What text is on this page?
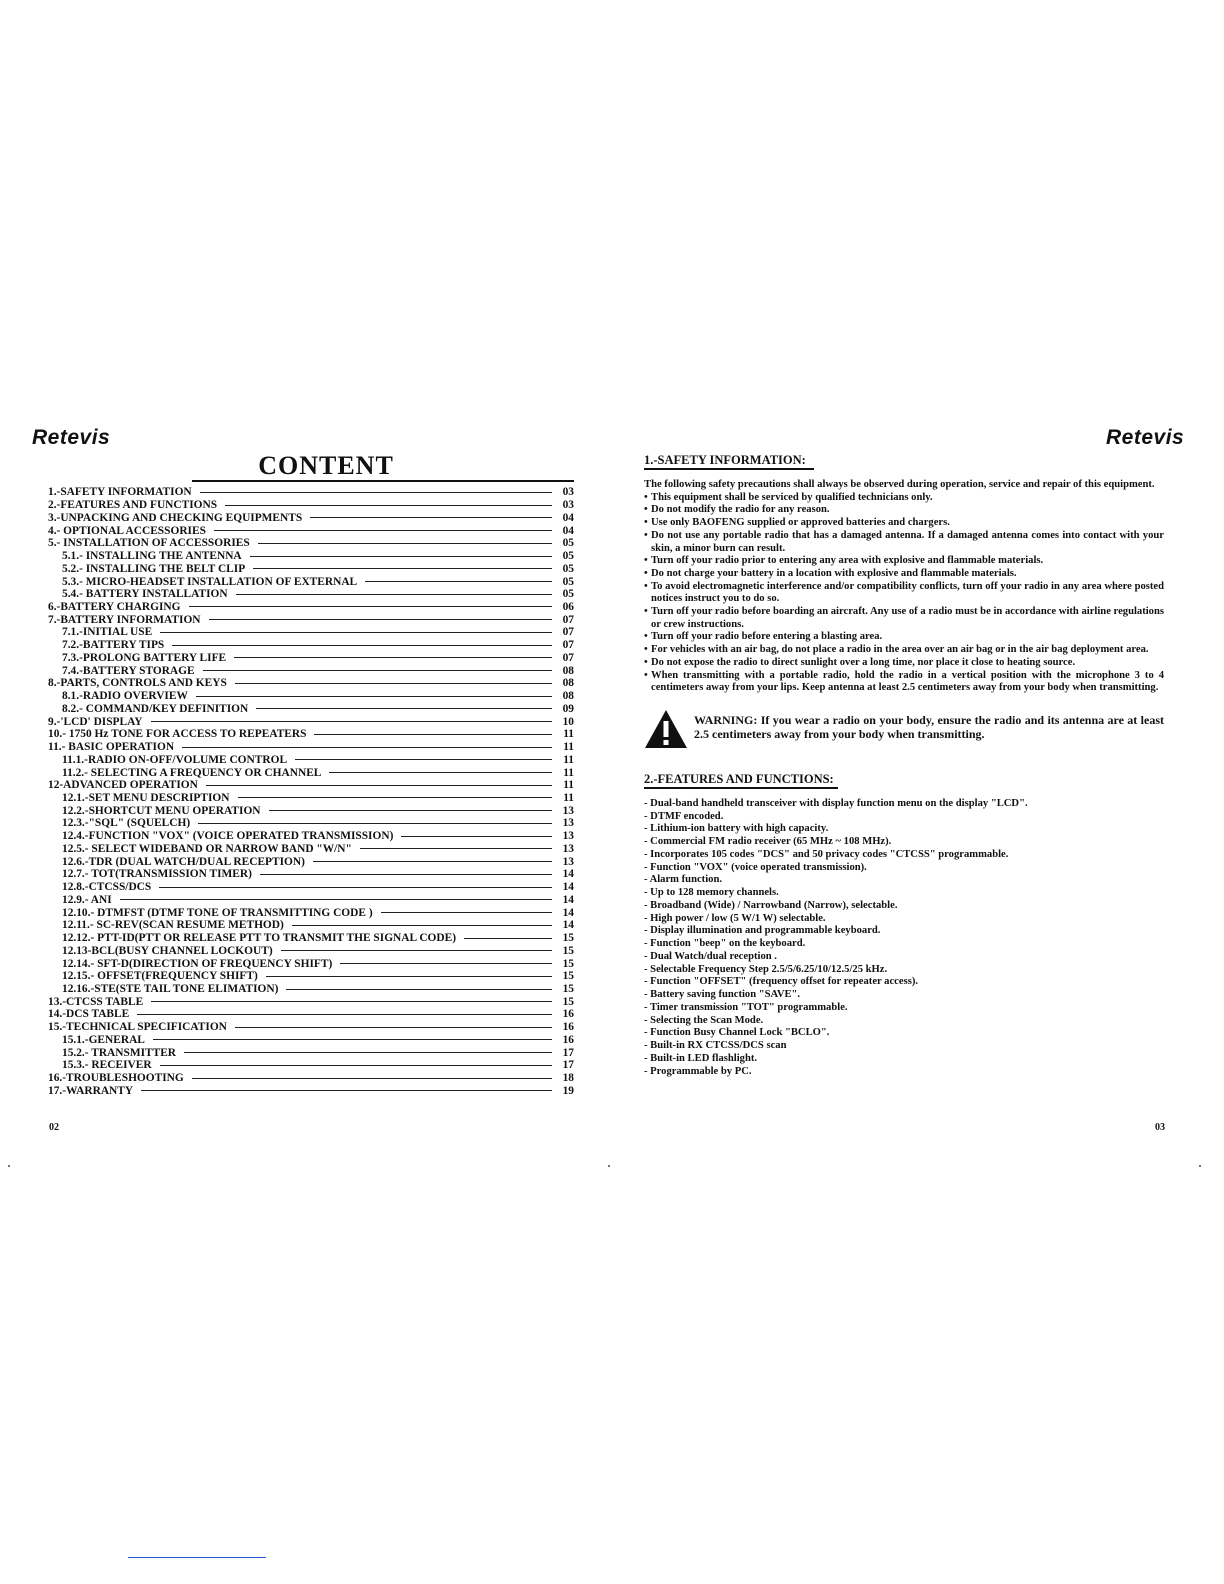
Retevis	Retevis
CONTENT
1.-SAFETY INFORMATION	03
2.-FEATURES AND FUNCTIONS	03
3.-UNPACKING AND CHECKING EQUIPMENTS	04
4.- OPTIONAL ACCESSORIES	04
5.- INSTALLATION OF ACCESSORIES	05
5.1.- INSTALLING THE ANTENNA	05
5.2.- INSTALLING THE BELT CLIP	05
5.3.- MICRO-HEADSET INSTALLATION OF EXTERNAL	05
5.4.- BATTERY INSTALLATION	05
6.-BATTERY CHARGING	06
7.-BATTERY INFORMATION	07
7.1.-INITIAL USE	07
7.2.-BATTERY TIPS	07
7.3.-PROLONG BATTERY LIFE	07
7.4.-BATTERY STORAGE	08
8.-PARTS, CONTROLS AND KEYS	08
8.1.-RADIO OVERVIEW	08
8.2.- COMMAND/KEY DEFINITION	09
9.-'LCD' DISPLAY	10
10.- 1750 Hz TONE FOR ACCESS TO REPEATERS	11
11.- BASIC OPERATION	11
11.1.-RADIO ON-OFF/VOLUME CONTROL	11
11.2.- SELECTING A FREQUENCY OR CHANNEL	11
12-ADVANCED OPERATION	11
12.1.-SET MENU DESCRIPTION	11
12.2.-SHORTCUT MENU OPERATION	13
12.3.-"SQL" (SQUELCH)	13
12.4.-FUNCTION "VOX" (VOICE OPERATED TRANSMISSION)	13
12.5.- SELECT WIDEBAND OR NARROW BAND "W/N"	13
12.6.-TDR (DUAL WATCH/DUAL RECEPTION)	13
12.7.- TOT(TRANSMISSION TIMER)	14
12.8.-CTCSS/DCS	14
12.9.- ANI	14
12.10.- DTMFST (DTMF TONE OF TRANSMITTING CODE )	14
12.11.- SC-REV(SCAN RESUME METHOD)	14
12.12.- PTT-ID(PTT OR RELEASE PTT TO TRANSMIT THE SIGNAL CODE)	15
12.13-BCL(BUSY CHANNEL LOCKOUT)	15
12.14.- SFT-D(DIRECTION OF FREQUENCY SHIFT)	15
12.15.- OFFSET(FREQUENCY SHIFT)	15
12.16.-STE(STE TAIL TONE ELIMATION)	15
13.-CTCSS TABLE	15
14.-DCS TABLE	16
15.-TECHNICAL SPECIFICATION	16
15.1.-GENERAL	16
15.2.- TRANSMITTER	17
15.3.- RECEIVER	17
16.-TROUBLESHOOTING	18
17.-WARRANTY	19
02
1.-SAFETY INFORMATION:

The following safety precautions shall always be observed during operation, service and repair of this equipment.

• This equipment shall be serviced by qualified technicians only.
• Do not modify the radio for any reason.
• Use only BAOFENG supplied or approved batteries and chargers.
• Do not use any portable radio that has a damaged antenna. If a damaged antenna comes into contact with your skin, a minor burn can result.
• Turn off your radio prior to entering any area with explosive and flammable materials.
• Do not charge your battery in a location with explosive and flammable materials.
• To avoid electromagnetic interference and/or compatibility conflicts, turn off your radio in any area where posted notices instruct you to do so.
• Turn off your radio before boarding an aircraft. Any use of a radio must be in accordance with airline regulations or crew instructions.
• Turn off your radio before entering a blasting area.
• For vehicles with an air bag, do not place a radio in the area over an air bag or in the air bag deployment area.
• Do not expose the radio to direct sunlight over a long time, nor place it close to heating source.
• When transmitting with a portable radio, hold the radio in a vertical position with the microphone 3 to 4 centimeters away from your lips. Keep antenna at least 2.5 centimeters away from your body when transmitting.
WARNING: If you wear a radio on your body, ensure the radio and its antenna are at least 2.5 centimeters away from your body when transmitting.
2.-FEATURES AND FUNCTIONS:
- Dual-band handheld transceiver with display function menu on the display "LCD".
- DTMF encoded.
- Lithium-ion battery with high capacity.
- Commercial FM radio receiver (65 MHz ~ 108 MHz).
- Incorporates 105 codes "DCS" and 50 privacy codes "CTCSS" programmable.
- Function "VOX" (voice operated transmission).
- Alarm function.
- Up to 128 memory channels.
- Broadband (Wide) / Narrowband (Narrow), selectable.
- High power / low (5 W/1 W) selectable.
- Display illumination and programmable keyboard.
- Function "beep" on the keyboard.
- Dual Watch/dual reception .
- Selectable Frequency Step 2.5/5/6.25/10/12.5/25 kHz.
- Function "OFFSET" (frequency offset for repeater access).
- Battery saving function "SAVE".
- Timer transmission "TOT" programmable.
- Selecting the Scan Mode.
- Function Busy Channel Lock "BCLO".
- Built-in RX CTCSS/DCS scan
- Built-in LED flashlight.
- Programmable by PC.
03
